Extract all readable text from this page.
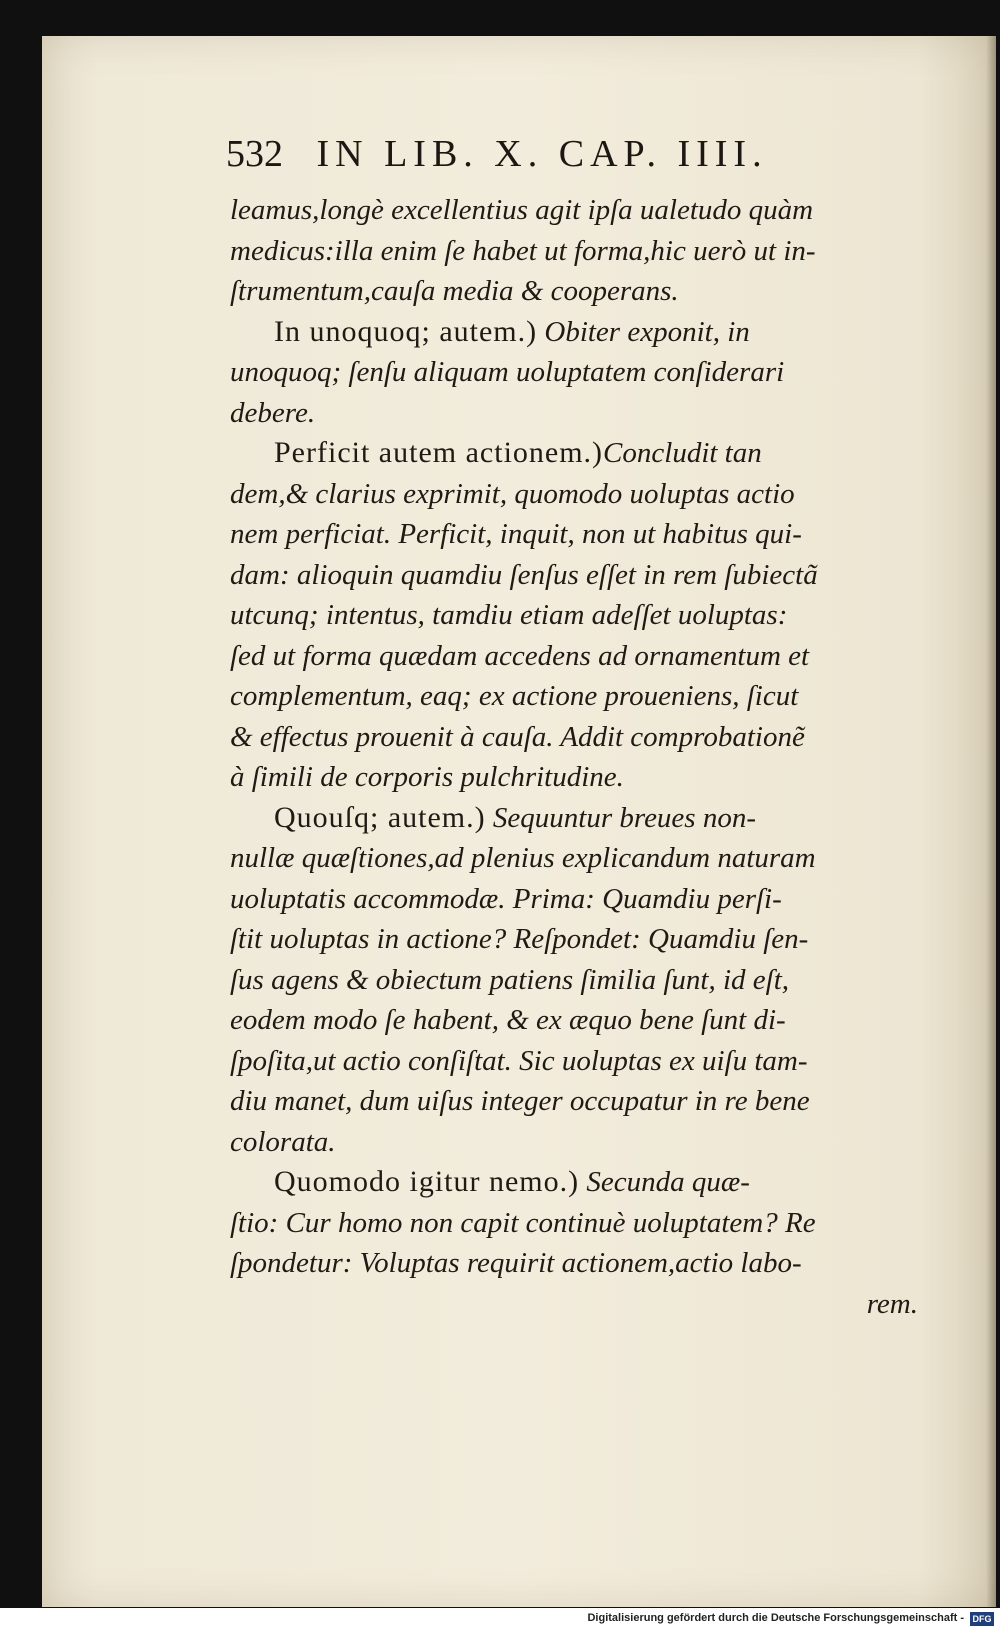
532 IN LIB. X. CAP. IIII.
leamus,longè excellentius agit ipſa ualetudo quàm
medicus:illa enim ſe habet ut forma,hic uerò ut in-
ſtrumentum,cauſa media & cooperans.
In unoquoq; autem.) Obiter exponit, in
unoquoq; ſenſu aliquam uoluptatem conſiderari
debere.
Perficit autem actionem.)Concludit tan
dem,& clarius exprimit, quomodo uoluptas actio
nem perficiat. Perficit, inquit, non ut habitus qui-
dam: alioquin quamdiu ſenſus eſſet in rem ſubiectã
utcunq; intentus, tamdiu etiam adeſſet uoluptas:
ſed ut forma quædam accedens ad ornamentum et
complementum, eaq; ex actione proueniens, ſicut
& effectus prouenit à cauſa. Addit comprobationẽ
à ſimili de corporis pulchritudine.
Quouſq; autem.) Sequuntur breues non-
nullæ quæſtiones,ad plenius explicandum naturam
uoluptatis accommodæ. Prima: Quamdiu perſi-
ſtit uoluptas in actione? Reſpondet: Quamdiu ſen-
ſus agens & obiectum patiens ſimilia ſunt, id eſt,
eodem modo ſe habent, & ex æquo bene ſunt di-
ſpoſita,ut actio conſiſtat. Sic uoluptas ex uiſu tam-
diu manet, dum uiſus integer occupatur in re bene
colorata.
Quomodo igitur nemo.) Secunda quæ-
ſtio: Cur homo non capit continuè uoluptatem? Re
ſpondetur: Voluptas requirit actionem,actio labo-
rem.
Digitalisierung gefördert durch die Deutsche Forschungsgemeinschaft - DFG
